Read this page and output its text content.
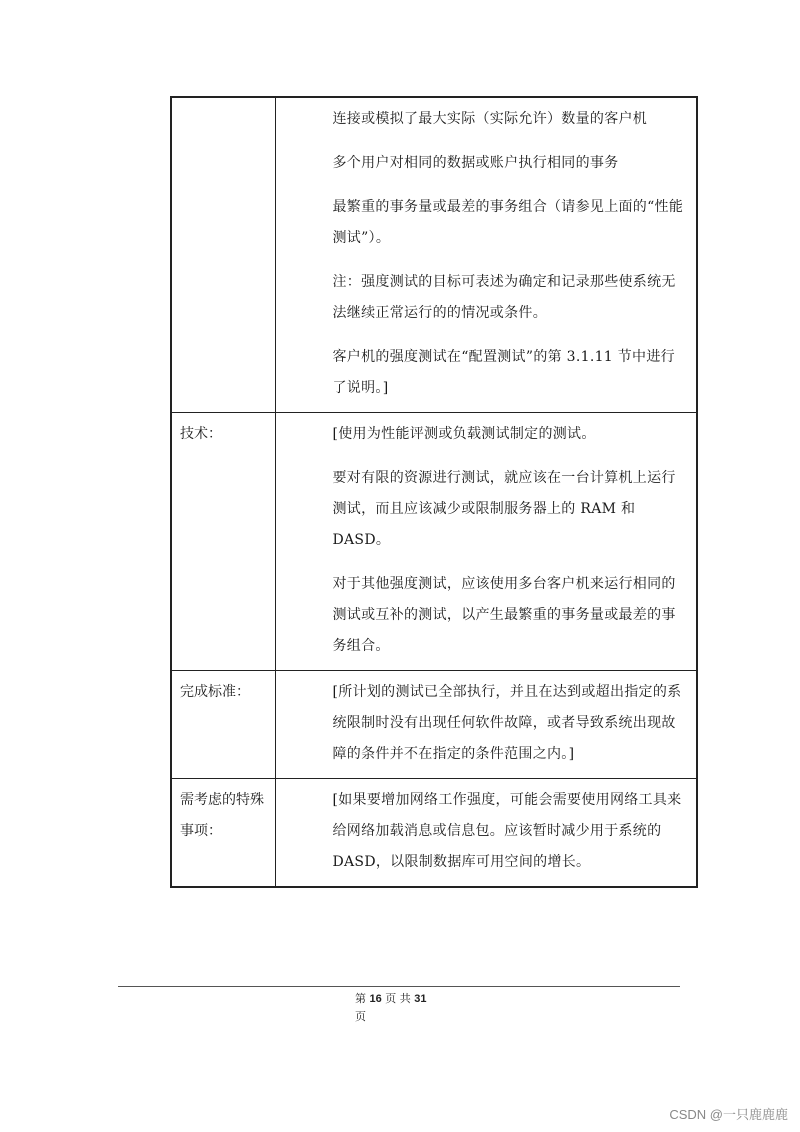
	连接或模拟了最大实际（实际允许）数量的客户机

多个用户对相同的数据或账户执行相同的事务

最繁重的事务量或最差的事务组合（请参见上面的“性能测试”）。

注：强度测试的目标可表述为确定和记录那些使系统无法继续正常运行的的情况或条件。

客户机的强度测试在“配置测试”的第 3.1.11 节中进行了说明。]

技术：	[使用为性能评测或负载测试制定的测试。

要对有限的资源进行测试，就应该在一台计算机上运行测试，而且应该减少或限制服务器上的 RAM 和 DASD。

对于其他强度测试，应该使用多台客户机来运行相同的测试或互补的测试，以产生最繁重的事务量或最差的事务组合。

完成标准：	[所计划的测试已全部执行，并且在达到或超出指定的系统限制时没有出现任何软件故障，或者导致系统出现故障的条件并不在指定的条件范围之内。]

需考虑的特殊事项：	[如果要增加网络工作强度，可能会需要使用网络工具来给网络加载消息或信息包。应该暂时减少用于系统的 DASD，以限制数据库可用空间的增长。

第 16 页 共 31
页
CSDN @一只鹿鹿鹿
